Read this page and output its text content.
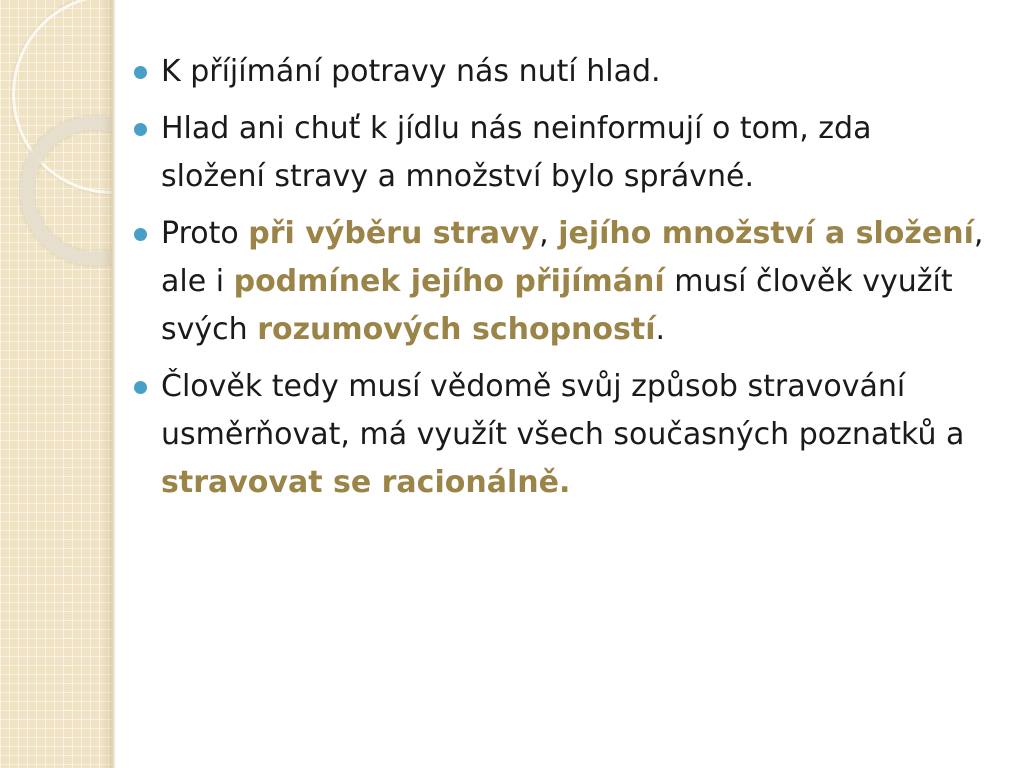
K příjímání potravy nás nutí hlad.
Hlad ani chuť k jídlu nás neinformují o tom, zda složení stravy a množství bylo správné.
Proto při výběru stravy, jejího množství a složení, ale i podmínek jejího přijímání musí člověk využít svých rozumových schopností.
Člověk tedy musí vědomě svůj způsob stravování usměrňovat, má využít všech současných poznatků a stravovat se racionálně.
